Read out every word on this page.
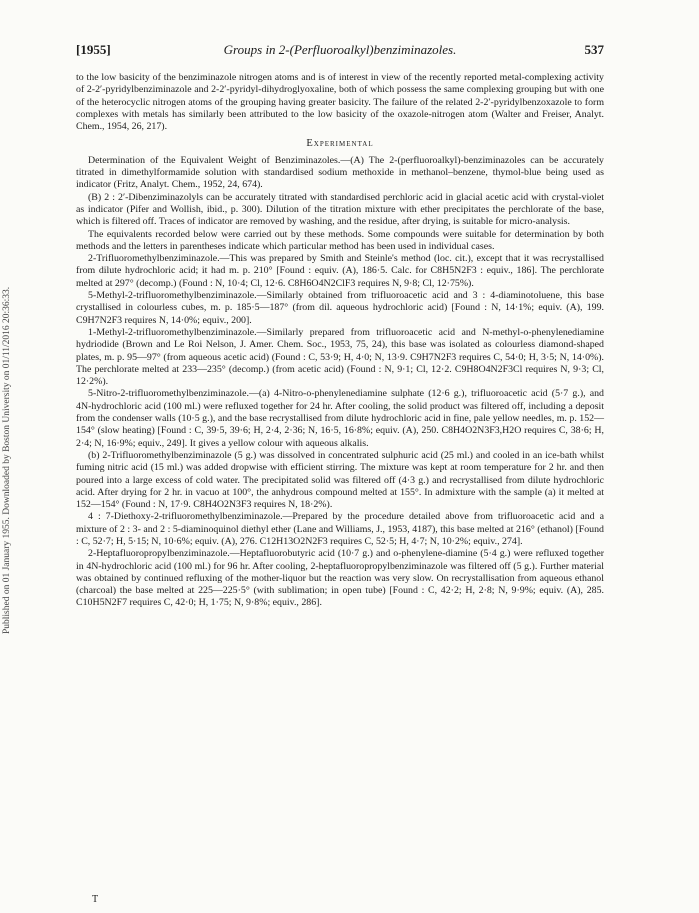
Published on 01 January 1955. Downloaded by Boston University on 01/11/2016 20:36:33.
[1955]	Groups in 2-(Perfluoroalkyl)benziminazoles.	537

to the low basicity of the benziminazole nitrogen atoms and is of interest in view of the recently reported metal-complexing activity of 2-2′-pyridylbenziminazole and 2-2′-pyridyl-dihydroglyoxaline, both of which possess the same complexing grouping but with one of the heterocyclic nitrogen atoms of the grouping having greater basicity. The failure of the related 2-2′-pyridylbenzoxazole to form complexes with metals has similarly been attributed to the low basicity of the oxazole-nitrogen atom (Walter and Freiser, Analyt. Chem., 1954, 26, 217).

Experimental

Determination of the Equivalent Weight of Benziminazoles.—(A) The 2-(perfluoroalkyl)-benziminazoles can be accurately titrated in dimethylformamide solution with standardised sodium methoxide in methanol–benzene, thymol-blue being used as indicator (Fritz, Analyt. Chem., 1952, 24, 674).

(B) 2 : 2′-Dibenziminazolyls can be accurately titrated with standardised perchloric acid in glacial acetic acid with crystal-violet as indicator (Pifer and Wollish, ibid., p. 300). Dilution of the titration mixture with ether precipitates the perchlorate of the base, which is filtered off. Traces of indicator are removed by washing, and the residue, after drying, is suitable for micro-analysis.

The equivalents recorded below were carried out by these methods. Some compounds were suitable for determination by both methods and the letters in parentheses indicate which particular method has been used in individual cases.

2-Trifluoromethylbenziminazole.—This was prepared by Smith and Steinle's method (loc. cit.), except that it was recrystallised from dilute hydrochloric acid; it had m. p. 210° [Found : equiv. (A), 186·5. Calc. for C8H5N2F3 : equiv., 186]. The perchlorate melted at 297° (decomp.) (Found : N, 10·4; Cl, 12·6. C8H6O4N2ClF3 requires N, 9·8; Cl, 12·75%).

5-Methyl-2-trifluoromethylbenziminazole.—Similarly obtained from trifluoroacetic acid and 3 : 4-diaminotoluene, this base crystallised in colourless cubes, m. p. 185·5—187° (from dil. aqueous hydrochloric acid) [Found : N, 14·1%; equiv. (A), 199. C9H7N2F3 requires N, 14·0%; equiv., 200].

1-Methyl-2-trifluoromethylbenziminazole.—Similarly prepared from trifluoroacetic acid and N-methyl-o-phenylenediamine hydriodide (Brown and Le Roi Nelson, J. Amer. Chem. Soc., 1953, 75, 24), this base was isolated as colourless diamond-shaped plates, m. p. 95—97° (from aqueous acetic acid) (Found : C, 53·9; H, 4·0; N, 13·9. C9H7N2F3 requires C, 54·0; H, 3·5; N, 14·0%). The perchlorate melted at 233—235° (decomp.) (from acetic acid) (Found : N, 9·1; Cl, 12·2. C9H8O4N2F3Cl requires N, 9·3; Cl, 12·2%).

5-Nitro-2-trifluoromethylbenziminazole.—(a) 4-Nitro-o-phenylenediamine sulphate (12·6 g.), trifluoroacetic acid (5·7 g.), and 4N-hydrochloric acid (100 ml.) were refluxed together for 24 hr. After cooling, the solid product was filtered off, including a deposit from the condenser walls (10·5 g.), and the base recrystallised from dilute hydrochloric acid in fine, pale yellow needles, m. p. 152—154° (slow heating) [Found : C, 39·5, 39·6; H, 2·4, 2·36; N, 16·5, 16·8%; equiv. (A), 250. C8H4O2N3F3,H2O requires C, 38·6; H, 2·4; N, 16·9%; equiv., 249]. It gives a yellow colour with aqueous alkalis.

(b) 2-Trifluoromethylbenziminazole (5 g.) was dissolved in concentrated sulphuric acid (25 ml.) and cooled in an ice-bath whilst fuming nitric acid (15 ml.) was added dropwise with efficient stirring. The mixture was kept at room temperature for 2 hr. and then poured into a large excess of cold water. The precipitated solid was filtered off (4·3 g.) and recrystallised from dilute hydrochloric acid. After drying for 2 hr. in vacuo at 100°, the anhydrous compound melted at 155°. In admixture with the sample (a) it melted at 152—154° (Found : N, 17·9. C8H4O2N3F3 requires N, 18·2%).

4 : 7-Diethoxy-2-trifluoromethylbenziminazole.—Prepared by the procedure detailed above from trifluoroacetic acid and a mixture of 2 : 3- and 2 : 5-diaminoquinol diethyl ether (Lane and Williams, J., 1953, 4187), this base melted at 216° (ethanol) [Found : C, 52·7; H, 5·15; N, 10·6%; equiv. (A), 276. C12H13O2N2F3 requires C, 52·5; H, 4·7; N, 10·2%; equiv., 274].

2-Heptafluoropropylbenziminazole.—Heptafluorobutyric acid (10·7 g.) and o-phenylene-diamine (5·4 g.) were refluxed together in 4N-hydrochloric acid (100 ml.) for 96 hr. After cooling, 2-heptafluoropropylbenziminazole was filtered off (5 g.). Further material was obtained by continued refluxing of the mother-liquor but the reaction was very slow. On recrystallisation from aqueous ethanol (charcoal) the base melted at 225—225·5° (with sublimation; in open tube) [Found : C, 42·2; H, 2·8; N, 9·9%; equiv. (A), 285. C10H5N2F7 requires C, 42·0; H, 1·75; N, 9·8%; equiv., 286].

T
